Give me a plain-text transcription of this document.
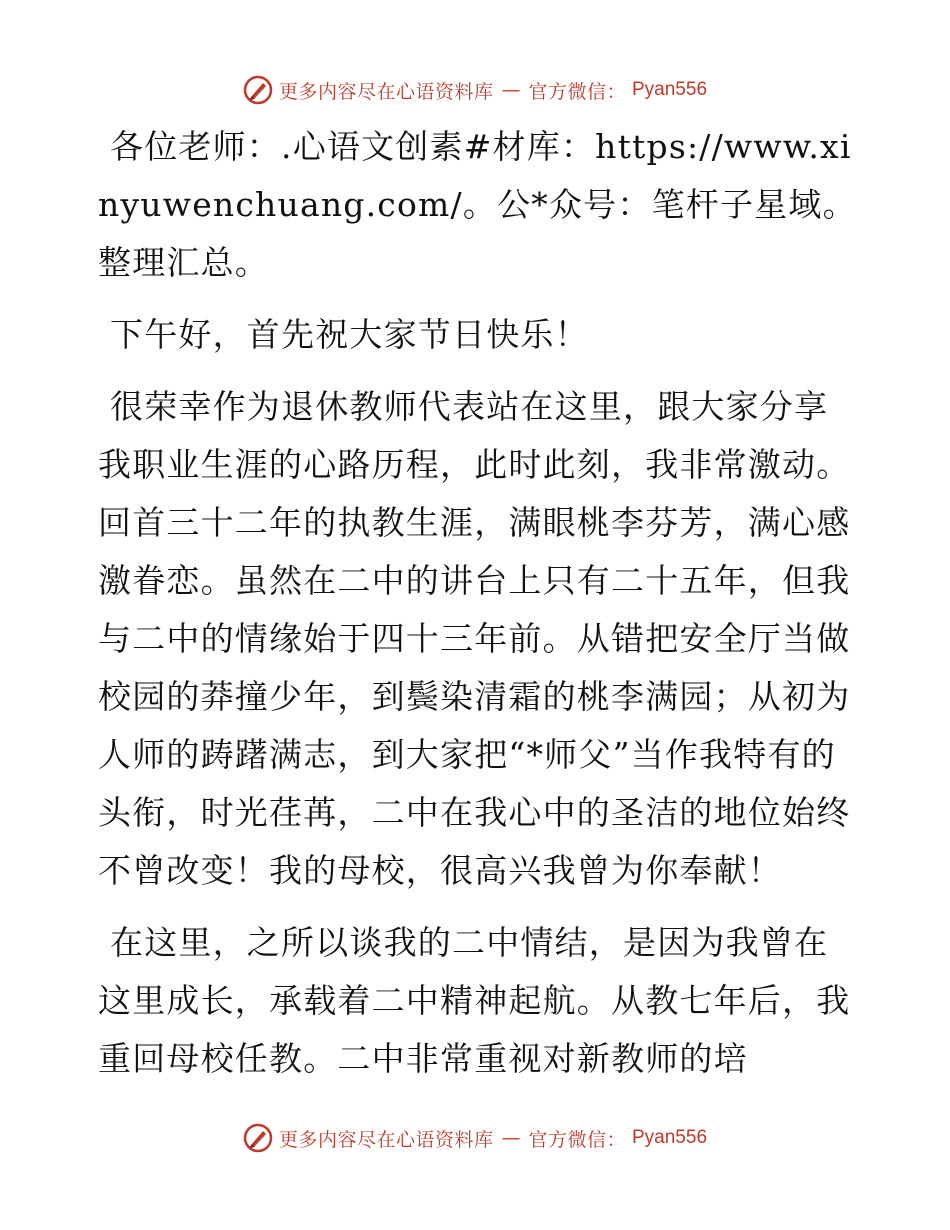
更多内容尽在心语资料库 — 官方微信： Pyan556

各位老师：.心语文创素#材库：https://www.xinyuwenchuang.com/。公*众号：笔杆子星域。整理汇总。

下午好，首先祝大家节日快乐！

很荣幸作为退休教师代表站在这里，跟大家分享我职业生涯的心路历程，此时此刻，我非常激动。回首三十二年的执教生涯，满眼桃李芬芳，满心感激眷恋。虽然在二中的讲台上只有二十五年，但我与二中的情缘始于四十三年前。从错把安全厅当做校园的莽撞少年，到鬓染清霜的桃李满园；从初为人师的踌躇满志，到大家把“*师父”当作我特有的头衔，时光荏苒，二中在我心中的圣洁的地位始终不曾改变！我的母校，很高兴我曾为你奉献！

在这里，之所以谈我的二中情结，是因为我曾在这里成长，承载着二中精神起航。从教七年后，我重回母校任教。二中非常重视对新教师的培

更多内容尽在心语资料库 — 官方微信： Pyan556
